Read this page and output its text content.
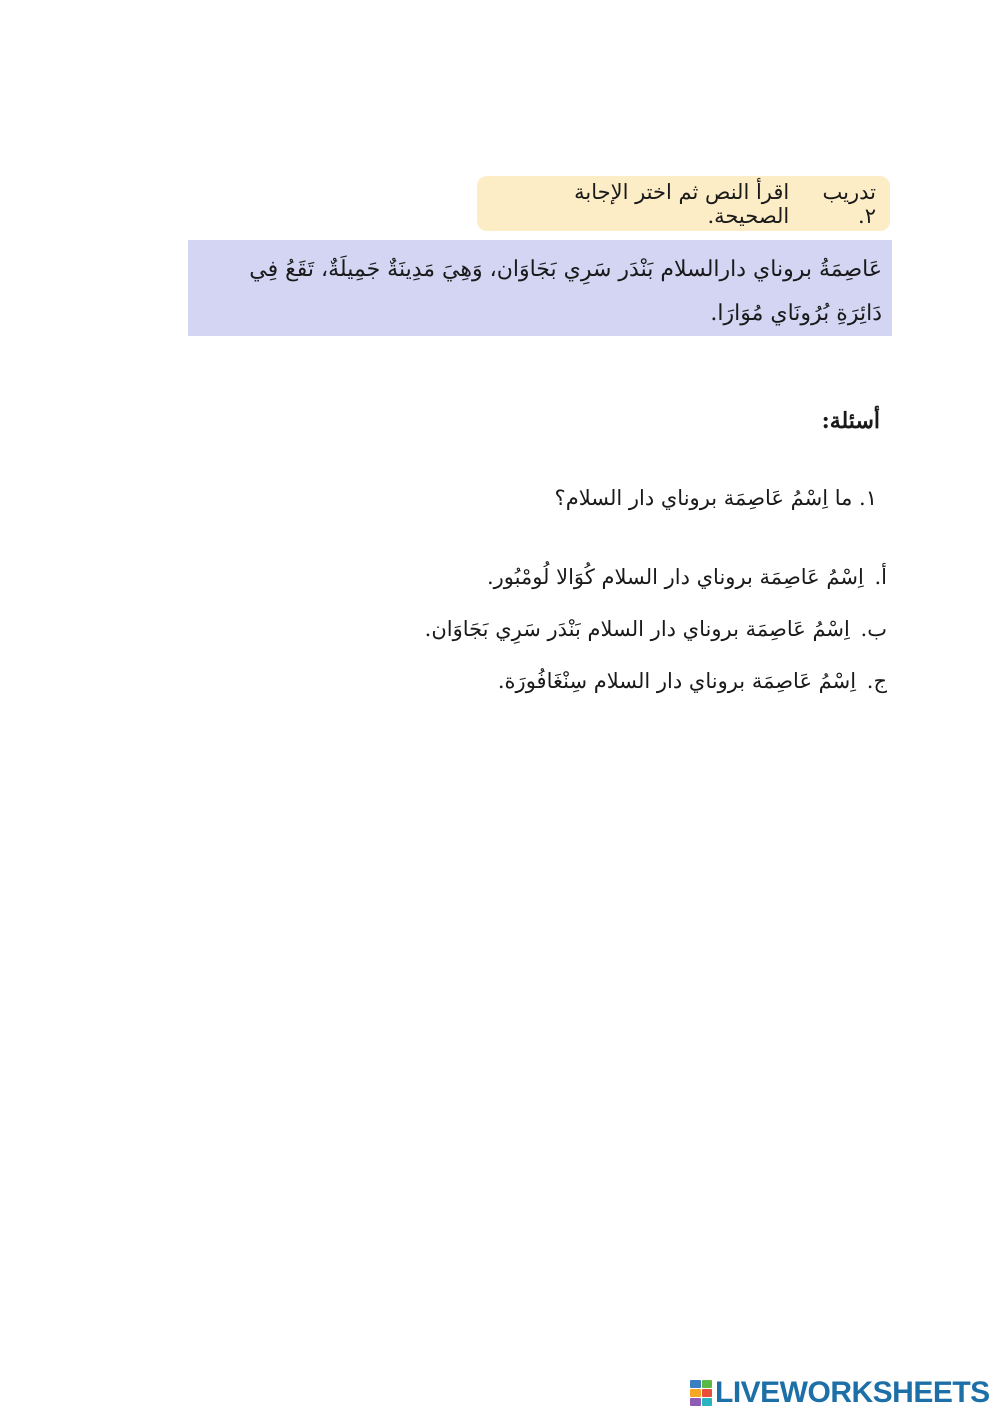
تدريب ٢.
اقرأ النص ثم اختر الإجابة الصحيحة.
عَاصِمَةُ بروناي دارالسلام بَنْدَر سَرِي بَجَاوَان، وَهِيَ مَدِينَةٌ جَمِيلَةٌ، تَقَعُ فِي دَائِرَةِ بُرُونَاي مُوَارَا.
أسئلة:
١. ما اِسْمُ عَاصِمَة بروناي دار السلام؟
أ. اِسْمُ عَاصِمَة بروناي دار السلام كُوَالا لُومْبُور.
ب. اِسْمُ عَاصِمَة بروناي دار السلام بَنْدَر سَرِي بَجَاوَان.
ج. اِسْمُ عَاصِمَة بروناي دار السلام سِنْغَافُورَة.
LIVEWORKSHEETS
